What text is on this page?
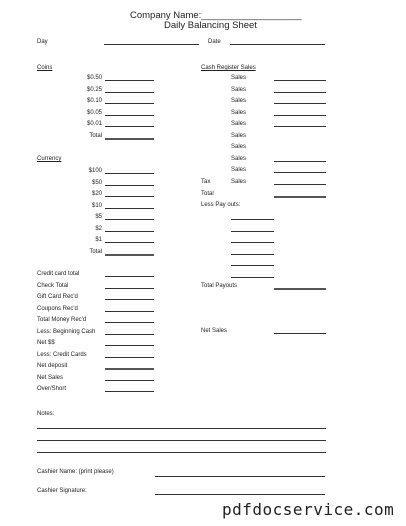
Company Name:___________________
Daily Balancing Sheet
Day	Date
Coins
$0.50
$0.25
$0.10
$0.05
$0.01
Total
Currency
$100
$50
$20
$10
$5
$2
$1
Total
Cash Register Sales
Sales
Sales
Sales
Sales
Sales
Sales
Sales
Sales
Sales
Sales
Tax
Total
Less Pay outs:
Total Payouts
Net Sales
Credit card total
Check Total
Gift Card Rec'd
Coupons Rec'd
Total Money Rec'd
Less: Beginning Cash
Net $$
Less: Credit Cards
Net deposit
Net Sales
Over/Short
Notes:
Cashier Name: (print please)
Cashier Signature:
pdfdocservice.com
